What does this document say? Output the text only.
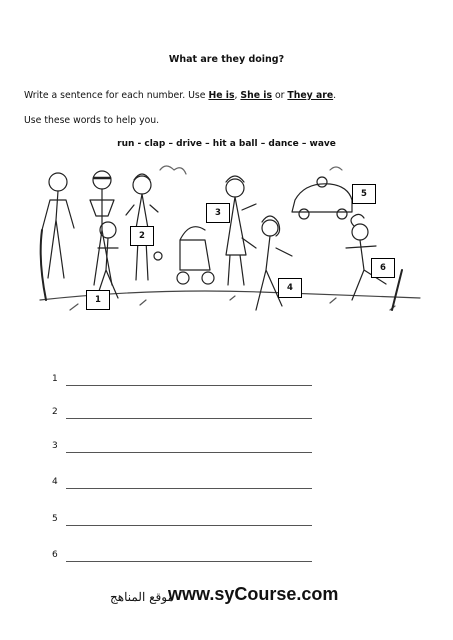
What are they doing?
Write a sentence for each number. Use He is, She is or They are.
Use these words to help you.
run - clap – drive – hit a ball – dance – wave
1
2
3
4
5
6
1
2
3
4
5
6
موقع المناهج
www.syCourse.com
